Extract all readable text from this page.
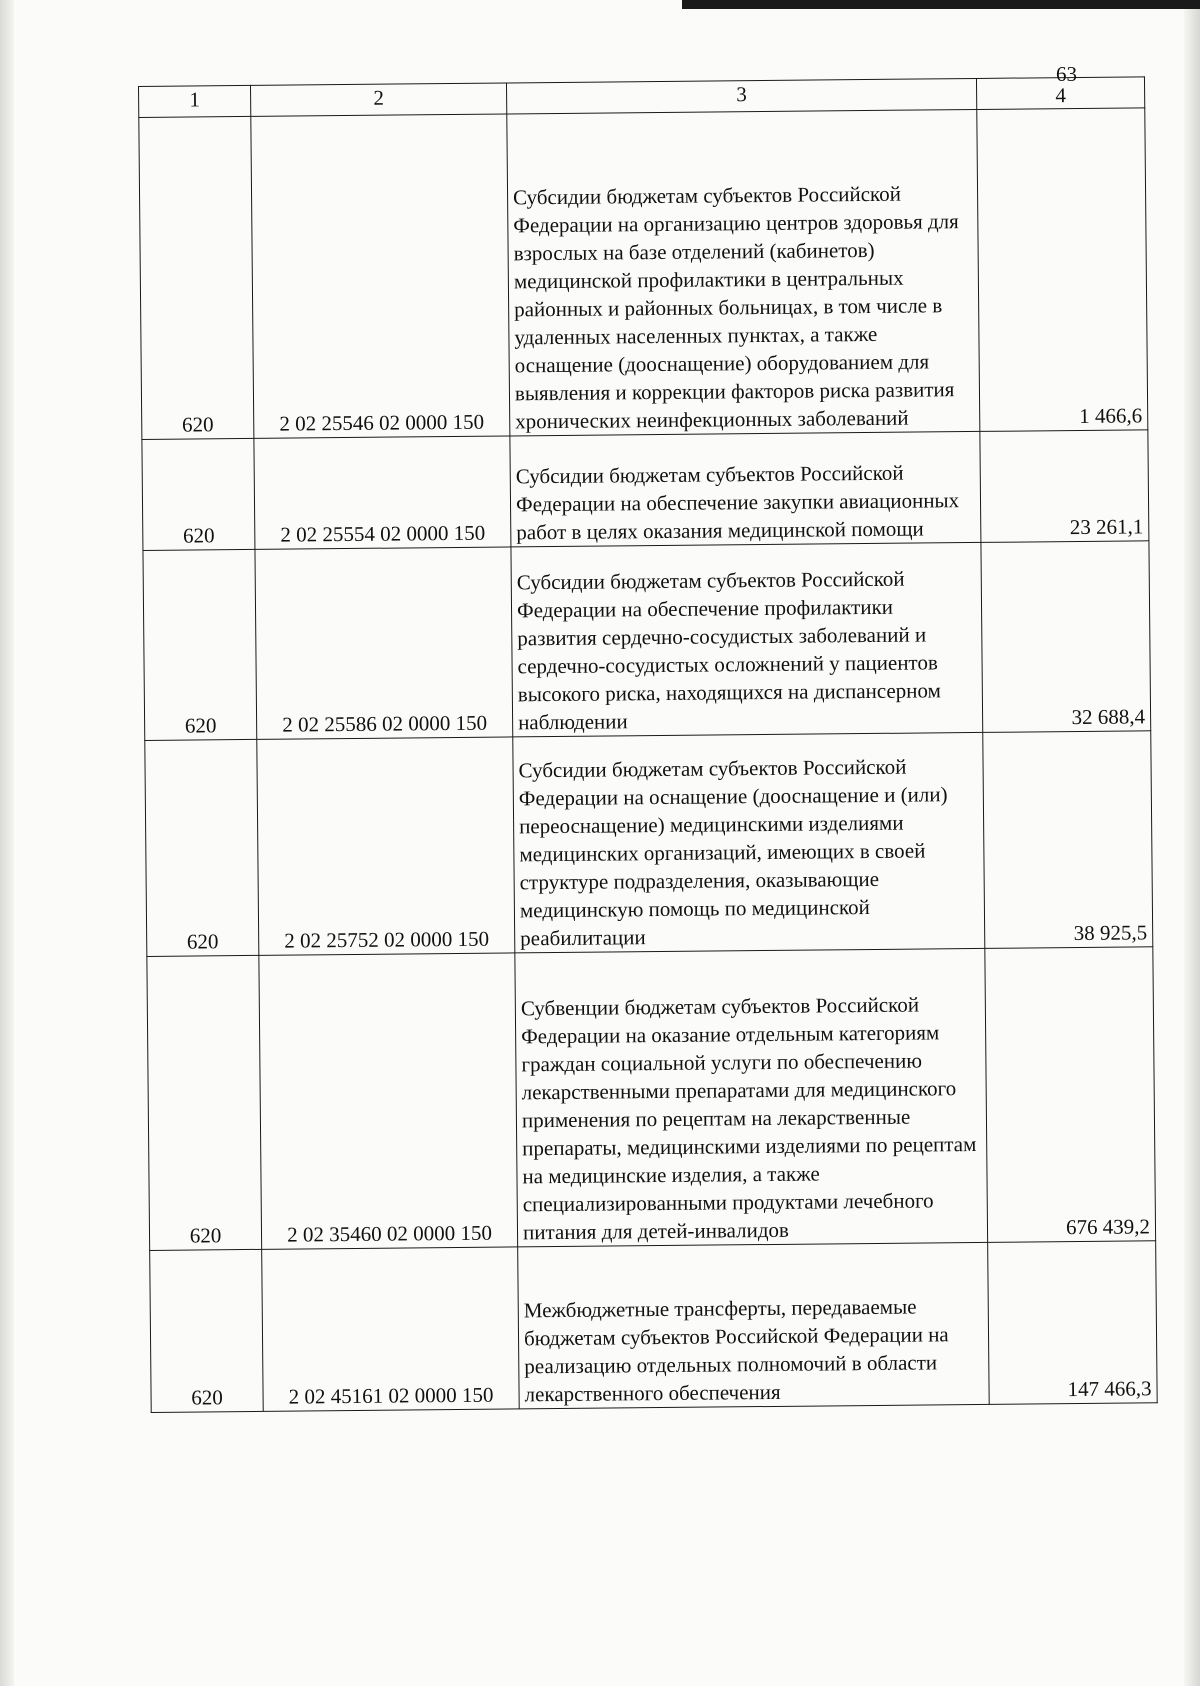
63
1	2	3	4
620	2 02 25546 02 0000 150	Субсидии бюджетам субъектов Российской Федерации на организацию центров здоровья для взрослых на базе отделений (кабинетов) медицинской профилактики в центральных районных и районных больницах, в том числе в удаленных населенных пунктах, а также оснащение (дооснащение) оборудованием для выявления и коррекции факторов риска развития хронических неинфекционных заболеваний	1 466,6
620	2 02 25554 02 0000 150	Субсидии бюджетам субъектов Российской Федерации на обеспечение закупки авиационных работ в целях оказания медицинской помощи	23 261,1
620	2 02 25586 02 0000 150	Субсидии бюджетам субъектов Российской Федерации на обеспечение профилактики развития сердечно-сосудистых заболеваний и сердечно-сосудистых осложнений у пациентов высокого риска, находящихся на диспансерном наблюдении	32 688,4
620	2 02 25752 02 0000 150	Субсидии бюджетам субъектов Российской Федерации на оснащение (дооснащение и (или) переоснащение) медицинскими изделиями медицинских организаций, имеющих в своей структуре подразделения, оказывающие медицинскую помощь по медицинской реабилитации	38 925,5
620	2 02 35460 02 0000 150	Субвенции бюджетам субъектов Российской Федерации на оказание отдельным категориям граждан социальной услуги по обеспечению лекарственными препаратами для медицинского применения по рецептам на лекарственные препараты, медицинскими изделиями по рецептам на медицинские изделия, а также специализированными продуктами лечебного питания для детей-инвалидов	676 439,2
620	2 02 45161 02 0000 150	Межбюджетные трансферты, передаваемые бюджетам субъектов Российской Федерации на реализацию отдельных полномочий в области лекарственного обеспечения	147 466,3
